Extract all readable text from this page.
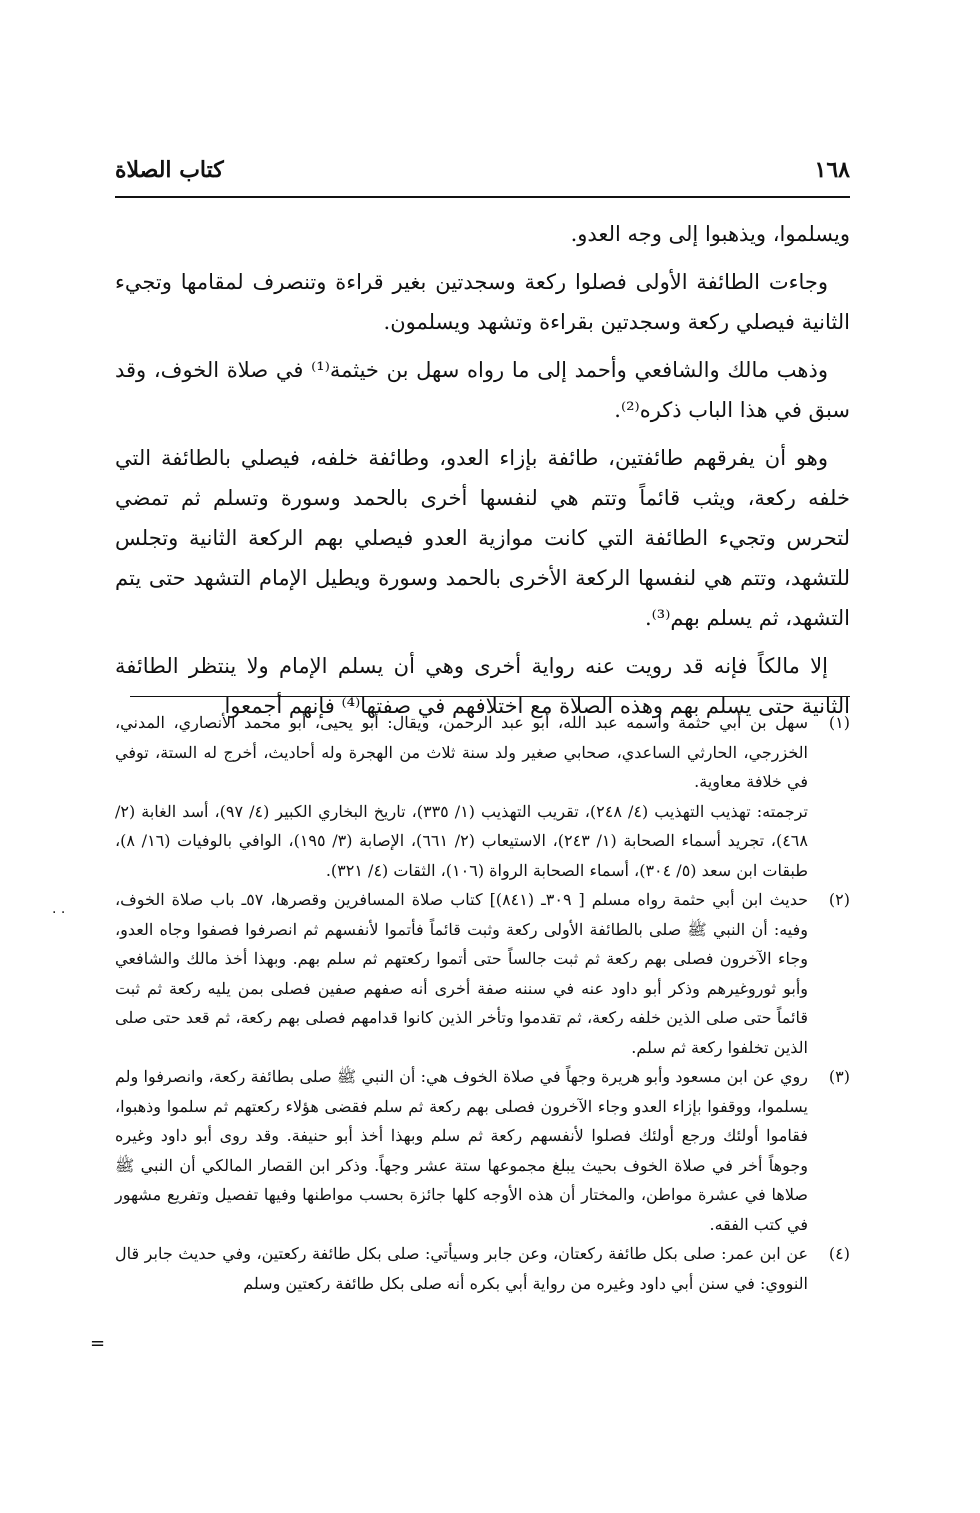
١٦٨
كتاب الصلاة

ويسلموا، ويذهبوا إلى وجه العدو.

وجاءت الطائفة الأولى فصلوا ركعة وسجدتين بغير قراءة وتنصرف لمقامها وتجيء الثانية فيصلي ركعة وسجدتين بقراءة وتشهد ويسلمون.

وذهب مالك والشافعي وأحمد إلى ما رواه سهل بن خيثمة⁽¹⁾ في صلاة الخوف، وقد سبق في هذا الباب ذكره⁽²⁾.

وهو أن يفرقهم طائفتين، طائفة بإزاء العدو، وطائفة خلفه، فيصلي بالطائفة التي خلفه ركعة، ويثب قائماً وتتم هي لنفسها أخرى بالحمد وسورة وتسلم ثم تمضي لتحرس وتجيء الطائفة التي كانت موازية العدو فيصلي بهم الركعة الثانية وتجلس للتشهد، وتتم هي لنفسها الركعة الأخرى بالحمد وسورة ويطيل الإمام التشهد حتى يتم التشهد، ثم يسلم بهم⁽³⁾.

إلا مالكاً فإنه قد رويت عنه رواية أخرى وهي أن يسلم الإمام ولا ينتظر الطائفة الثانية حتى يسلم بهم وهذه الصلاة مع اختلافهم في صفتها⁽⁴⁾ فإنهم أجمعوا

(١)

سهل بن أبي حثمة واسمه عبد الله، أبو عبد الرحمن، ويقال: أبو يحيى، أبو محمد الأنصاري، المدني، الخزرجي، الحارثي الساعدي، صحابي صغير ولد سنة ثلاث من الهجرة وله أحاديث، أخرج له الستة، توفي في خلافة معاوية.

ترجمته: تهذيب التهذيب (٤/ ٢٤٨)، تقريب التهذيب (١/ ٣٣٥)، تاريخ البخاري الكبير (٤/ ٩٧)، أسد الغابة (٢/ ٤٦٨)، تجريد أسماء الصحابة (١/ ٢٤٣)، الاستيعاب (٢/ ٦٦١)، الإصابة (٣/ ١٩٥)، الوافي بالوفيات (١٦/ ٨)، طبقات ابن سعد (٥/ ٣٠٤)، أسماء الصحابة الرواة (١٠٦)، الثقات (٤/ ٣٢١).

(٢)

حديث ابن أبي حثمة رواه مسلم [ ٣٠٩ـ (٨٤١)] كتاب صلاة المسافرين وقصرها، ٥٧ـ باب صلاة الخوف، وفيه: أن النبي ﷺ صلى بالطائفة الأولى ركعة وثبت قائماً فأتموا لأنفسهم ثم انصرفوا فصفوا وجاه العدو، وجاء الآخرون فصلى بهم ركعة ثم ثبت جالساً حتى أتموا ركعتهم ثم سلم بهم. وبهذا أخذ مالك والشافعي وأبو ثوروغيرهم وذكر أبو داود عنه في سننه صفة أخرى أنه صفهم صفين فصلى بمن يليه ركعة ثم ثبت قائماً حتى صلى الذين خلفه ركعة، ثم تقدموا وتأخر الذين كانوا قدامهم فصلى بهم ركعة، ثم قعد حتى صلى الذين تخلفوا ركعة ثم سلم.

(٣)

روي عن ابن مسعود وأبو هريرة وجهاً في صلاة الخوف هي: أن النبي ﷺ صلى بطائفة ركعة، وانصرفوا ولم يسلموا، ووقفوا بإزاء العدو وجاء الآخرون فصلى بهم ركعة ثم سلم فقضى هؤلاء ركعتهم ثم سلموا وذهبوا، فقاموا أولئك ورجع أولئك فصلوا لأنفسهم ركعة ثم سلم وبهذا أخذ أبو حنيفة. وقد روى أبو داود وغيره وجوهاً أخر في صلاة الخوف بحيث يبلغ مجموعها ستة عشر وجهاً. وذكر ابن القصار المالكي أن النبي ﷺ صلاها في عشرة مواطن، والمختار أن هذه الأوجه كلها جائزة بحسب مواطنها وفيها تفصيل وتفريع مشهور في كتب الفقه.

(٤)

عن ابن عمر: صلى بكل طائفة ركعتان، وعن جابر وسيأتي: صلى بكل طائفة ركعتين، وفي حديث جابر قال النووي: في سنن أبي داود وغيره من رواية أبي بكره أنه صلى بكل طائفة ركعتين وسلم

=
· ·
